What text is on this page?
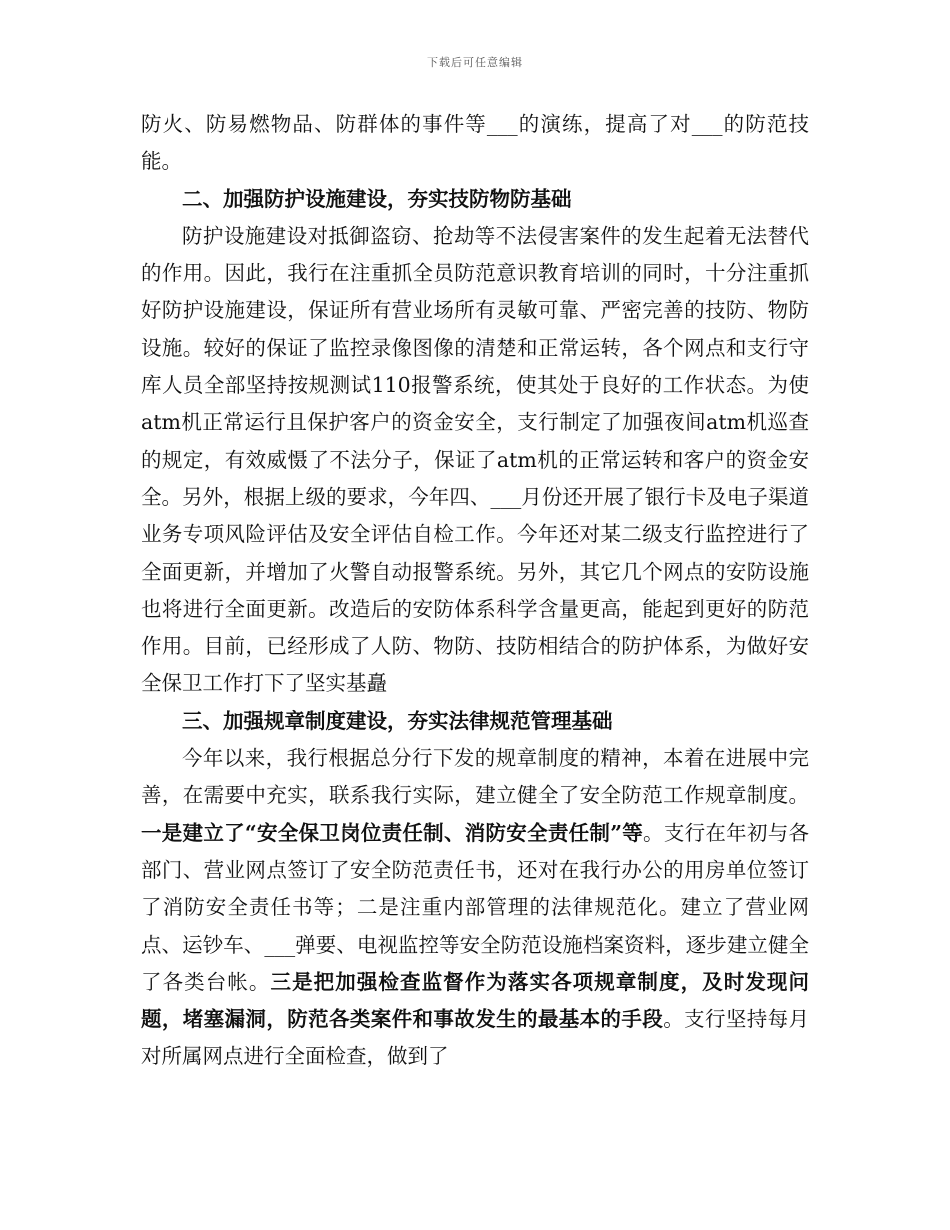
下载后可任意编辑

防火、防易燃物品、防群体的事件等___的演练，提高了对___的防范技能。

二、加强防护设施建设，夯实技防物防基础

防护设施建设对抵御盗窃、抢劫等不法侵害案件的发生起着无法替代的作用。因此，我行在注重抓全员防范意识教育培训的同时，十分注重抓好防护设施建设，保证所有营业场所有灵敏可靠、严密完善的技防、物防设施。较好的保证了监控录像图像的清楚和正常运转，各个网点和支行守库人员全部坚持按规测试110报警系统，使其处于良好的工作状态。为使atm机正常运行且保护客户的资金安全，支行制定了加强夜间atm机巡查的规定，有效威慑了不法分子，保证了atm机的正常运转和客户的资金安全。另外，根据上级的要求，今年四、___月份还开展了银行卡及电子渠道业务专项风险评估及安全评估自检工作。今年还对某二级支行监控进行了全面更新，并增加了火警自动报警系统。另外，其它几个网点的安防设施也将进行全面更新。改造后的安防体系科学含量更高，能起到更好的防范作用。目前，已经形成了人防、物防、技防相结合的防护体系，为做好安全保卫工作打下了坚实基矗

三、加强规章制度建设，夯实法律规范管理基础

今年以来，我行根据总分行下发的规章制度的精神，本着在进展中完善，在需要中充实，联系我行实际，建立健全了安全防范工作规章制度。一是建立了“安全保卫岗位责任制、消防安全责任制”等。支行在年初与各部门、营业网点签订了安全防范责任书，还对在我行办公的用房单位签订了消防安全责任书等；二是注重内部管理的法律规范化。建立了营业网点、运钞车、___弹要、电视监控等安全防范设施档案资料，逐步建立健全了各类台帐。三是把加强检查监督作为落实各项规章制度，及时发现问题，堵塞漏洞，防范各类案件和事故发生的最基本的手段。支行坚持每月对所属网点进行全面检查，做到了
